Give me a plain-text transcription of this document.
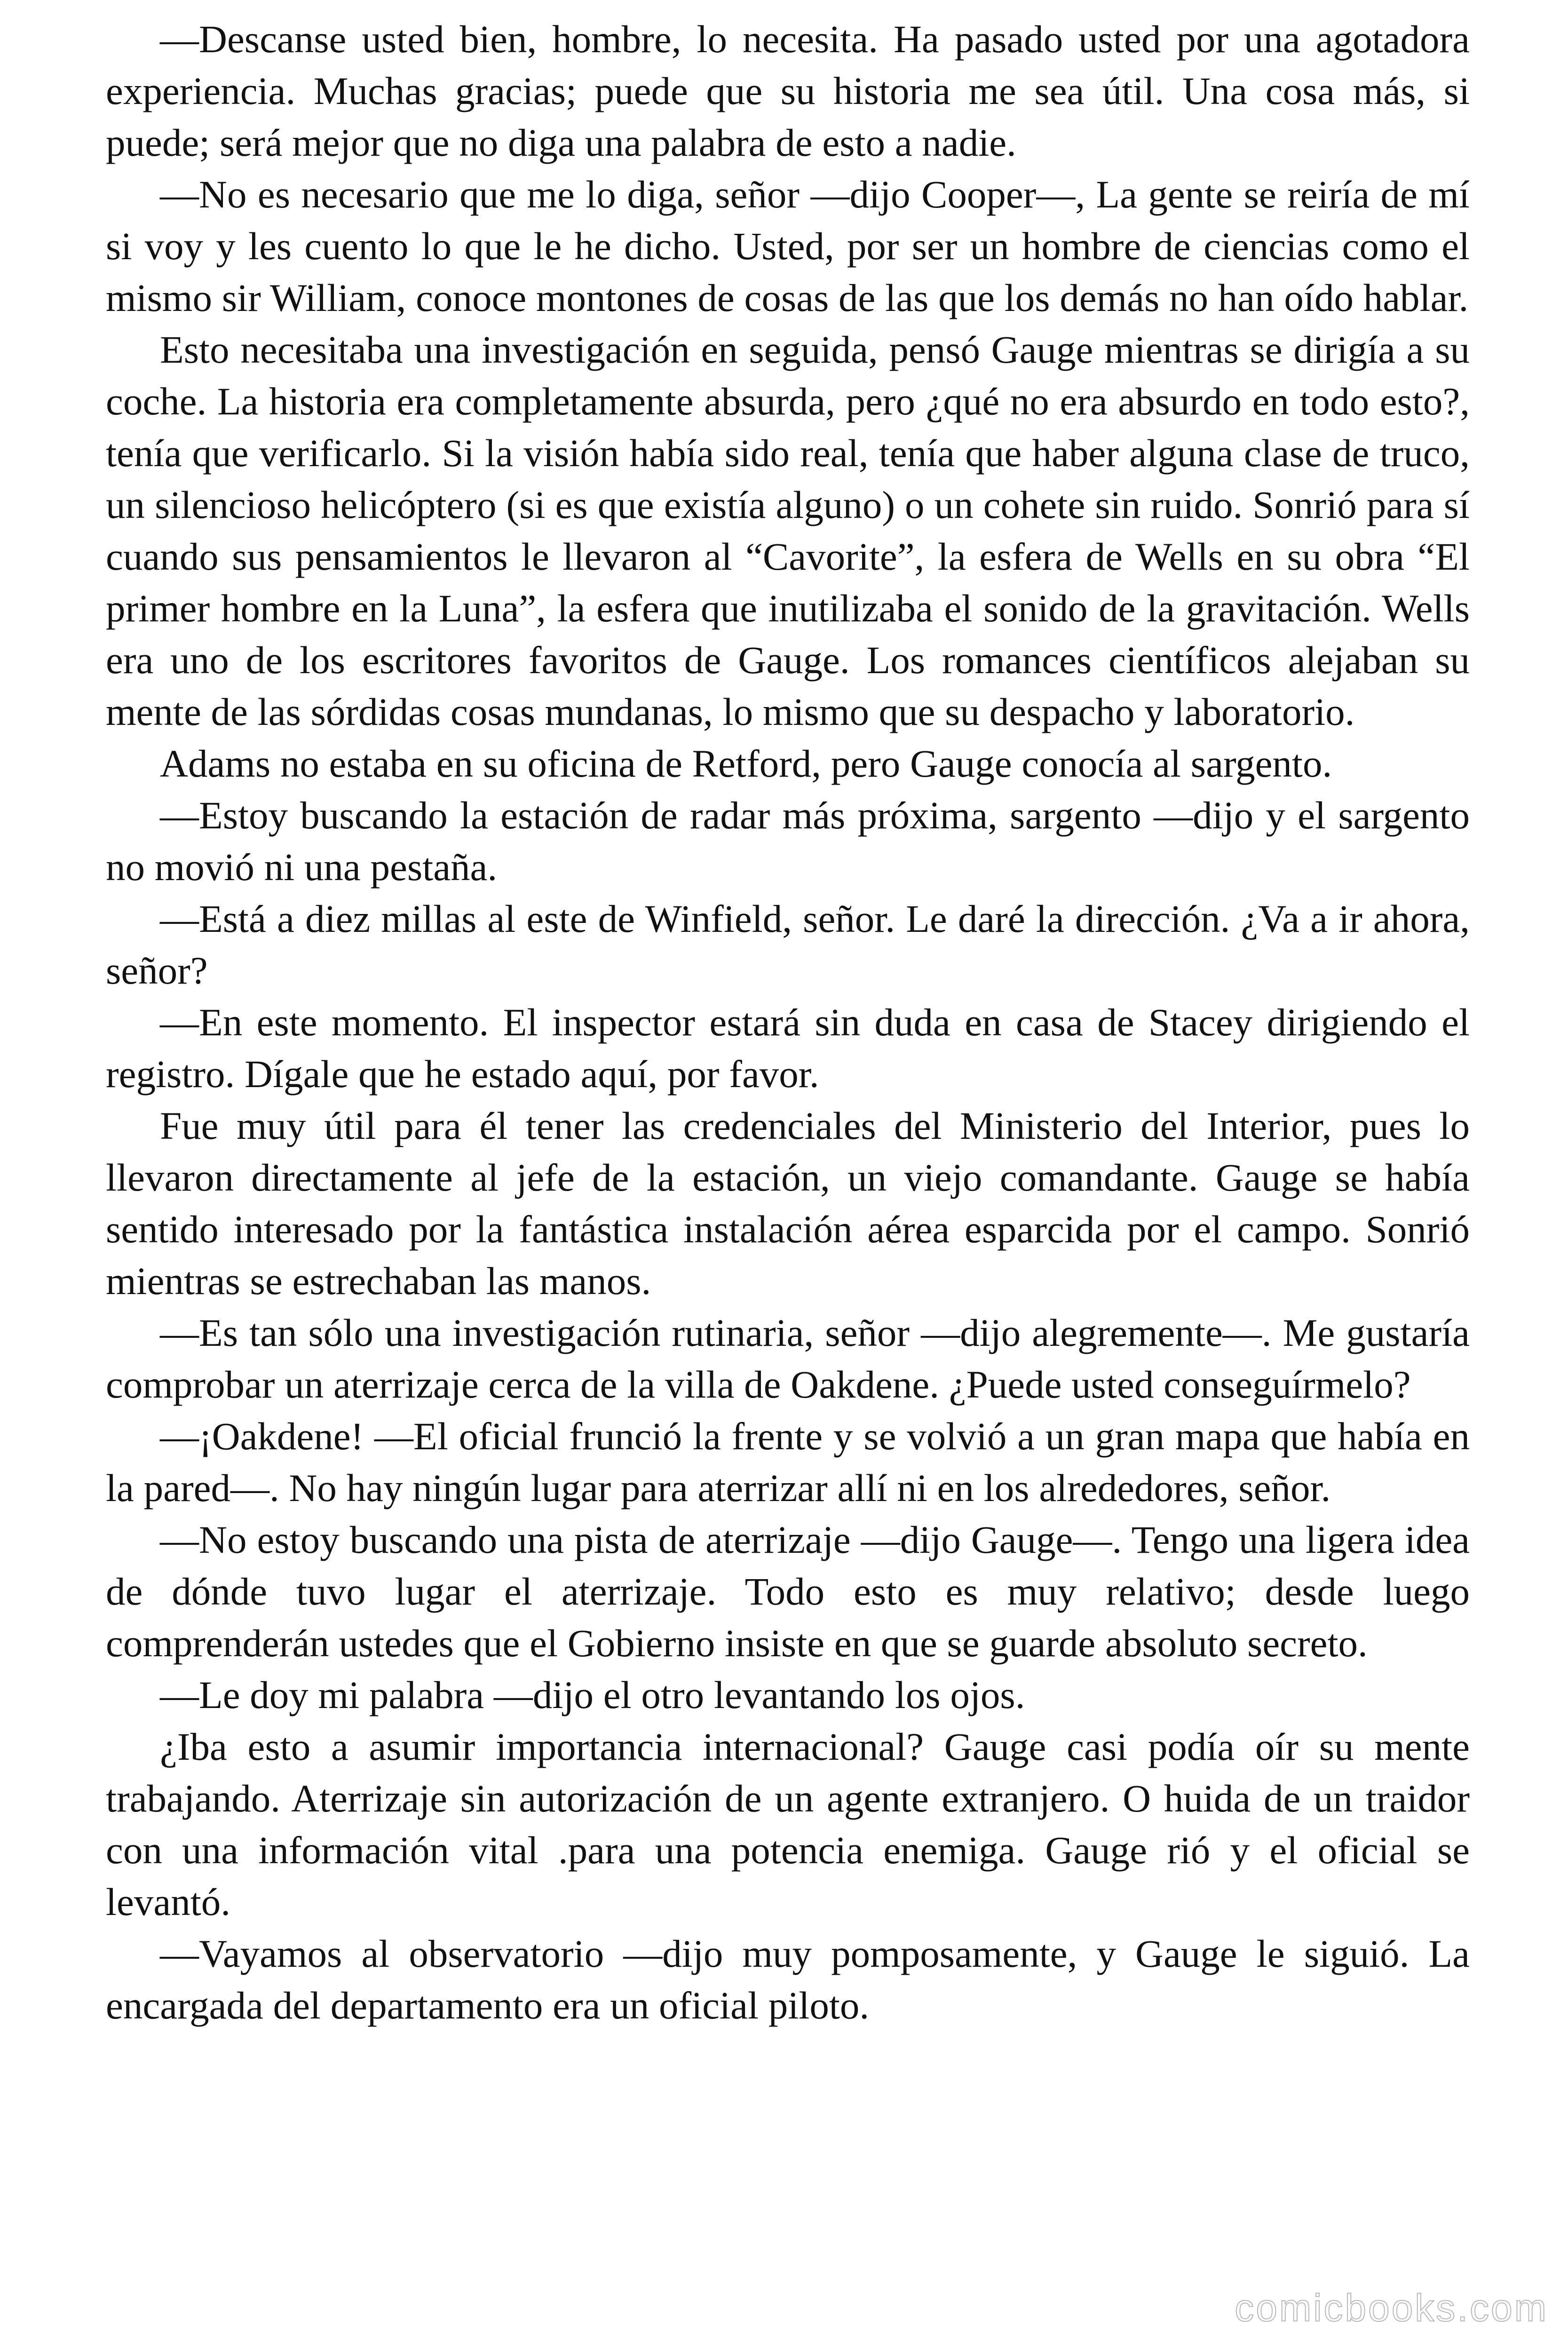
—Descanse usted bien, hombre, lo necesita. Ha pasado usted por una agotadora experiencia. Muchas gracias; puede que su historia me sea útil. Una cosa más, si puede; será mejor que no diga una palabra de esto a nadie.

—No es necesario que me lo diga, señor —dijo Cooper—, La gente se reiría de mí si voy y les cuento lo que le he dicho. Usted, por ser un hombre de ciencias como el mismo sir William, conoce montones de cosas de las que los demás no han oído hablar.

Esto necesitaba una investigación en seguida, pensó Gauge mientras se dirigía a su coche. La historia era completamente absurda, pero ¿qué no era absurdo en todo esto?, tenía que verificarlo. Si la visión había sido real, tenía que haber alguna clase de truco, un silencioso helicóptero (si es que existía alguno) o un cohete sin ruido. Sonrió para sí cuando sus pensamientos le llevaron al “Cavorite”, la esfera de Wells en su obra “El primer hombre en la Luna”, la esfera que inutilizaba el sonido de la gravitación. Wells era uno de los escritores favoritos de Gauge. Los romances científicos alejaban su mente de las sórdidas cosas mundanas, lo mismo que su despacho y laboratorio.

Adams no estaba en su oficina de Retford, pero Gauge conocía al sargento.

—Estoy buscando la estación de radar más próxima, sargento —dijo y el sargento no movió ni una pestaña.

—Está a diez millas al este de Winfield, señor. Le daré la dirección. ¿Va a ir ahora, señor?

—En este momento. El inspector estará sin duda en casa de Stacey dirigiendo el registro. Dígale que he estado aquí, por favor.

Fue muy útil para él tener las credenciales del Ministerio del Interior, pues lo llevaron directamente al jefe de la estación, un viejo comandante. Gauge se había sentido interesado por la fantástica instalación aérea esparcida por el campo. Sonrió mientras se estrechaban las manos.

—Es tan sólo una investigación rutinaria, señor —dijo alegremente—. Me gustaría comprobar un aterrizaje cerca de la villa de Oakdene. ¿Puede usted conseguírmelo?

—¡Oakdene! —El oficial frunció la frente y se volvió a un gran mapa que había en la pared—. No hay ningún lugar para aterrizar allí ni en los alrededores, señor.

—No estoy buscando una pista de aterrizaje —dijo Gauge—. Tengo una ligera idea de dónde tuvo lugar el aterrizaje. Todo esto es muy relativo; desde luego comprenderán ustedes que el Gobierno insiste en que se guarde absoluto secreto.

—Le doy mi palabra —dijo el otro levantando los ojos.

¿Iba esto a asumir importancia internacional? Gauge casi podía oír su mente trabajando. Aterrizaje sin autorización de un agente extranjero. O huida de un traidor con una información vital .para una potencia enemiga. Gauge rió y el oficial se levantó.

—Vayamos al observatorio —dijo muy pomposamente, y Gauge le siguió. La encargada del departamento era un oficial piloto.

comicbooks.com
